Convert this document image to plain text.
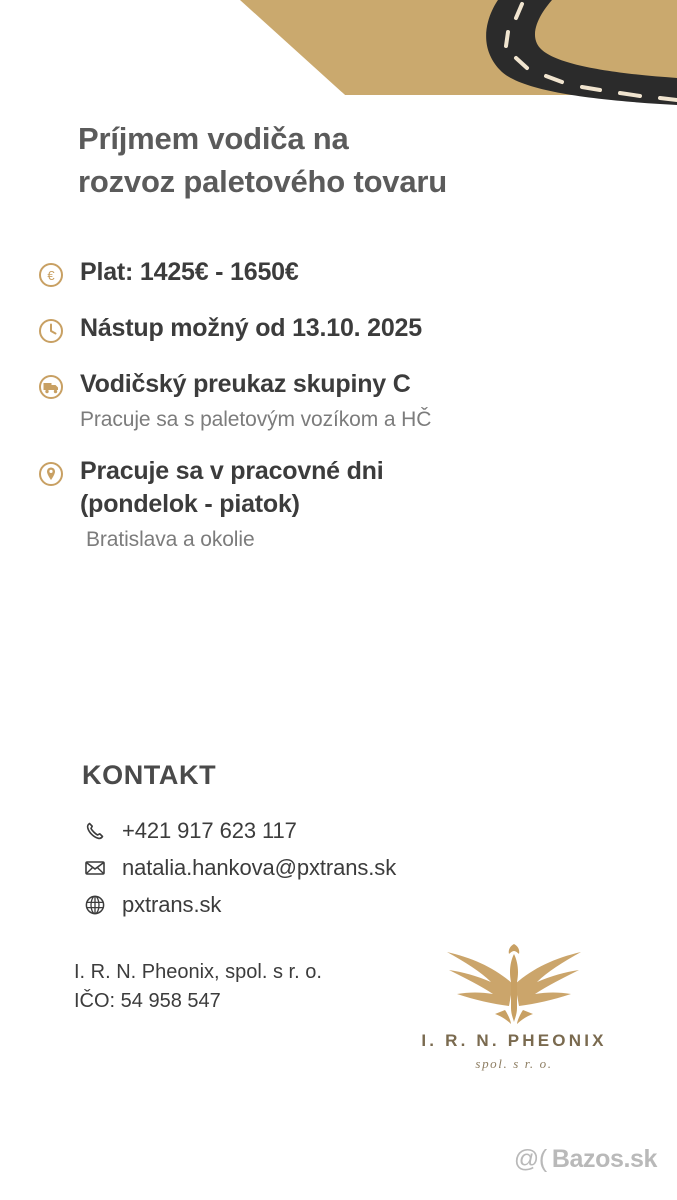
Príjmem vodiča na
rozvoz paletového tovaru
€ Plat: 1425€ - 1650€
Nástup možný od 13.10. 2025
Vodičský preukaz skupiny C
Pracuje sa s paletovým vozíkom a HČ
Pracuje sa v pracovné dni
(pondelok - piatok)
Bratislava a okolie
KONTAKT
+421 917 623 117
natalia.hankova@pxtrans.sk
pxtrans.sk
I. R. N. Pheonix, spol. s r. o.
IČO: 54 958 547
I. R. N. PHEONIX
spol. s r. o.
@( Bazos.sk
